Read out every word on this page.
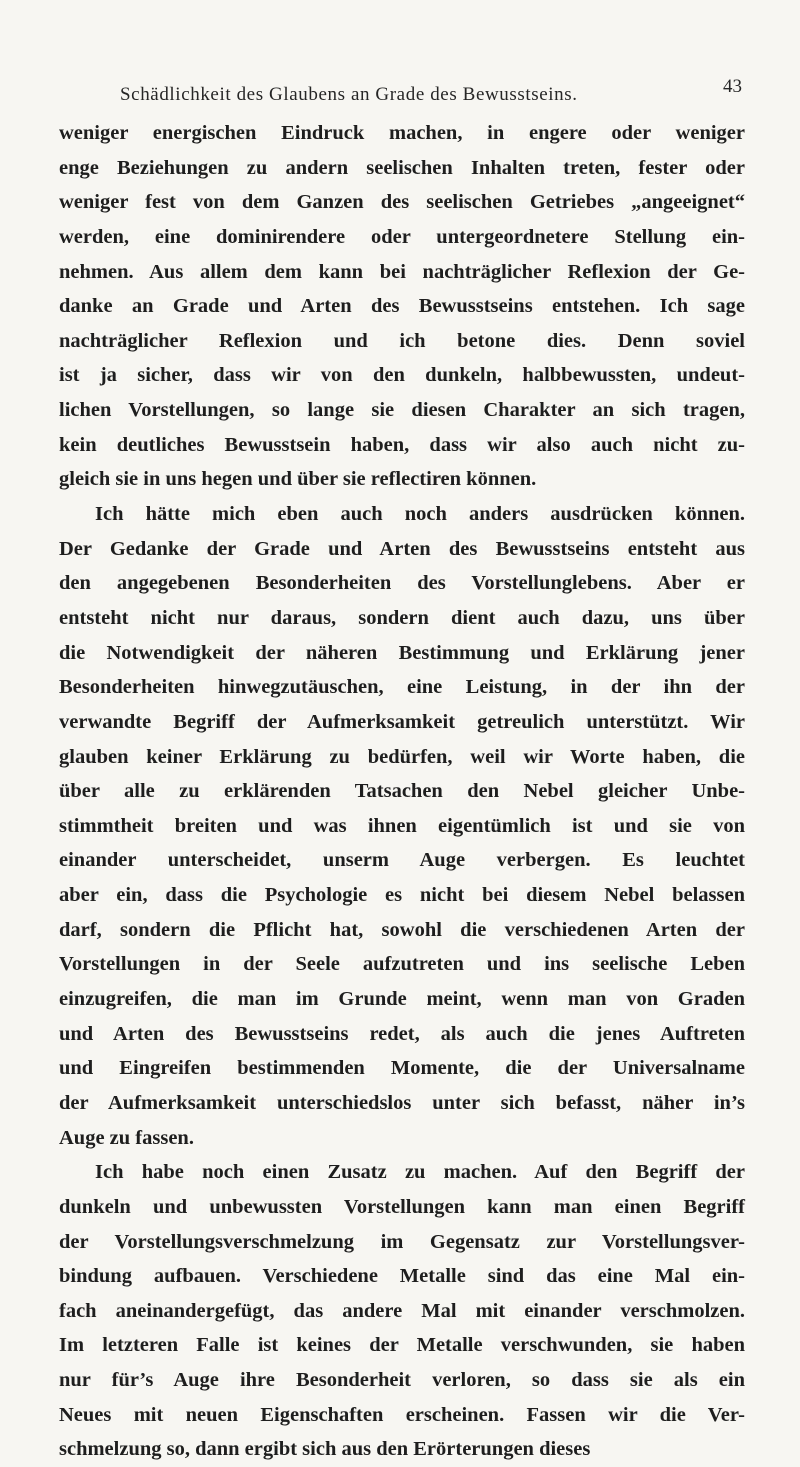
Schädlichkeit des Glaubens an Grade des Bewusstseins.	43
weniger energischen Eindruck machen, in engere oder weniger
enge Beziehungen zu andern seelischen Inhalten treten, fester oder
weniger fest von dem Ganzen des seelischen Getriebes „angeeignet“
werden, eine dominirendere oder untergeordnetere Stellung ein-
nehmen. Aus allem dem kann bei nachträglicher Reflexion der Ge-
danke an Grade und Arten des Bewusstseins entstehen. Ich sage
nachträglicher Reflexion und ich betone dies. Denn soviel
ist ja sicher, dass wir von den dunkeln, halbbewussten, undeut-
lichen Vorstellungen, so lange sie diesen Charakter an sich tragen,
kein deutliches Bewusstsein haben, dass wir also auch nicht zu-
gleich sie in uns hegen und über sie reflectiren können.
Ich hätte mich eben auch noch anders ausdrücken können.
Der Gedanke der Grade und Arten des Bewusstseins entsteht aus
den angegebenen Besonderheiten des Vorstellunglebens. Aber er
entsteht nicht nur daraus, sondern dient auch dazu, uns über
die Notwendigkeit der näheren Bestimmung und Erklärung jener
Besonderheiten hinwegzutäuschen, eine Leistung, in der ihn der
verwandte Begriff der Aufmerksamkeit getreulich unterstützt. Wir
glauben keiner Erklärung zu bedürfen, weil wir Worte haben, die
über alle zu erklärenden Tatsachen den Nebel gleicher Unbe-
stimmtheit breiten und was ihnen eigentümlich ist und sie von
einander unterscheidet, unserm Auge verbergen. Es leuchtet
aber ein, dass die Psychologie es nicht bei diesem Nebel belassen
darf, sondern die Pflicht hat, sowohl die verschiedenen Arten der
Vorstellungen in der Seele aufzutreten und ins seelische Leben
einzugreifen, die man im Grunde meint, wenn man von Graden
und Arten des Bewusstseins redet, als auch die jenes Auftreten
und Eingreifen bestimmenden Momente, die der Universalname
der Aufmerksamkeit unterschiedslos unter sich befasst, näher in’s
Auge zu fassen.
Ich habe noch einen Zusatz zu machen. Auf den Begriff der
dunkeln und unbewussten Vorstellungen kann man einen Begriff
der Vorstellungsverschmelzung im Gegensatz zur Vorstellungsver-
bindung aufbauen. Verschiedene Metalle sind das eine Mal ein-
fach aneinandergefügt, das andere Mal mit einander verschmolzen.
Im letzteren Falle ist keines der Metalle verschwunden, sie haben
nur für’s Auge ihre Besonderheit verloren, so dass sie als ein
Neues mit neuen Eigenschaften erscheinen. Fassen wir die Ver-
schmelzung so, dann ergibt sich aus den Erörterungen dieses
